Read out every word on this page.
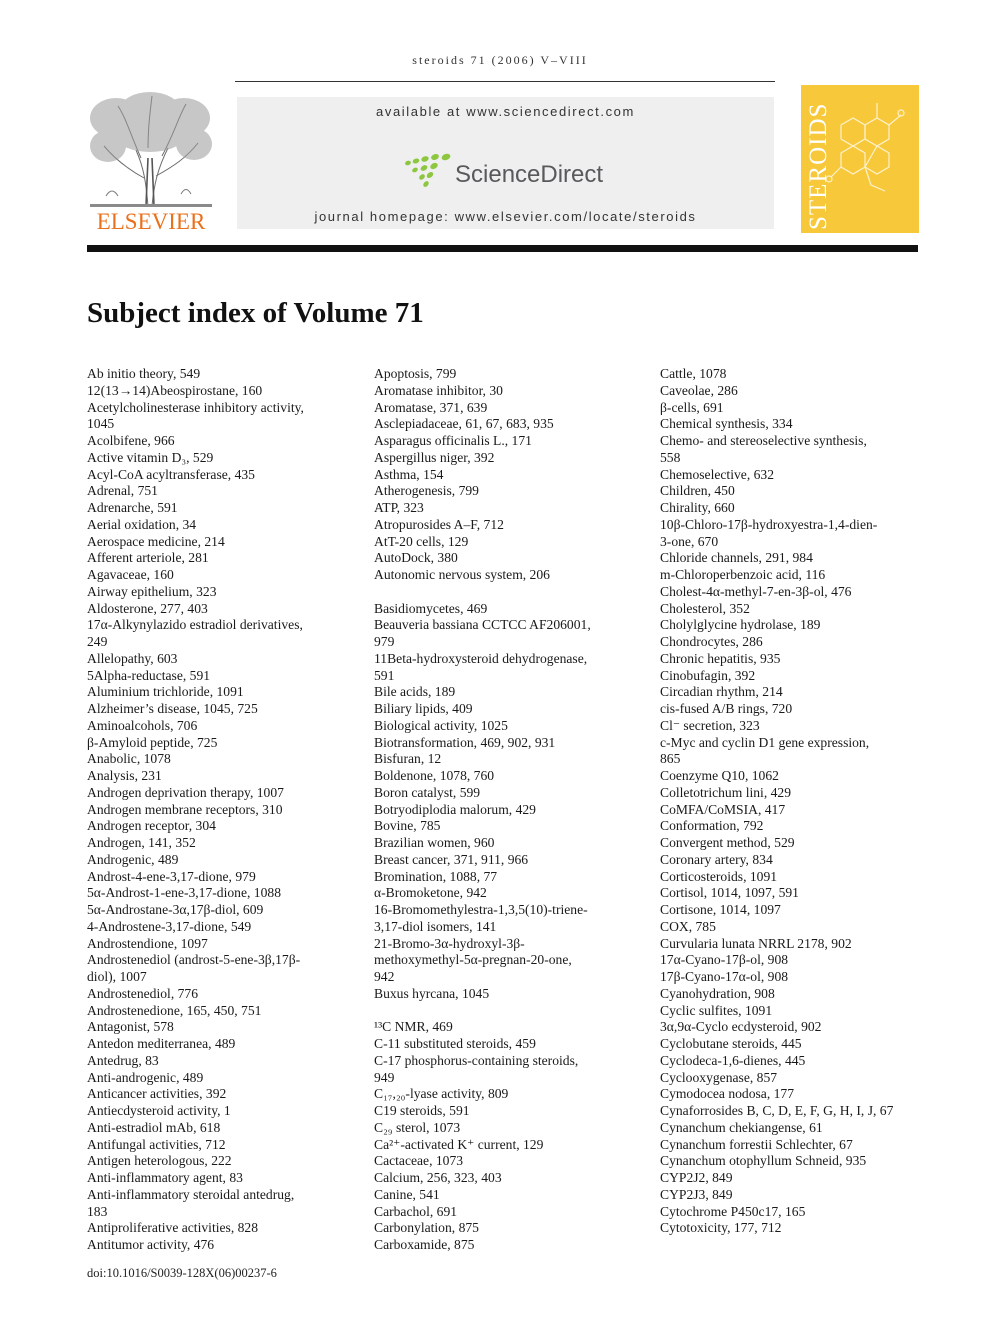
steroids 71 (2006) V–VIII
ELSEVIER
available at www.sciencedirect.com
ScienceDirect
journal homepage: www.elsevier.com/locate/steroids	STEROIDS
Subject index of Volume 71
Ab initio theory, 549
12(13→14)Abeospirostane, 160
Acetylcholinesterase inhibitory activity,
1045
Acolbifene, 966
Active vitamin D₃, 529
Acyl-CoA acyltransferase, 435
Adrenal, 751
Adrenarche, 591
Aerial oxidation, 34
Aerospace medicine, 214
Afferent arteriole, 281
Agavaceae, 160
Airway epithelium, 323
Aldosterone, 277, 403
17α-Alkynylazido estradiol derivatives,
249
Allelopathy, 603
5Alpha-reductase, 591
Aluminium trichloride, 1091
Alzheimer’s disease, 1045, 725
Aminoalcohols, 706
β-Amyloid peptide, 725
Anabolic, 1078
Analysis, 231
Androgen deprivation therapy, 1007
Androgen membrane receptors, 310
Androgen receptor, 304
Androgen, 141, 352
Androgenic, 489
Androst-4-ene-3,17-dione, 979
5α-Androst-1-ene-3,17-dione, 1088
5α-Androstane-3α,17β-diol, 609
4-Androstene-3,17-dione, 549
Androstendione, 1097
Androstenediol (androst-5-ene-3β,17β-
diol), 1007
Androstenediol, 776
Androstenedione, 165, 450, 751
Antagonist, 578
Antedon mediterranea, 489
Antedrug, 83
Anti-androgenic, 489
Anticancer activities, 392
Antiecdysteroid activity, 1
Anti-estradiol mAb, 618
Antifungal activities, 712
Antigen heterologous, 222
Anti-inflammatory agent, 83
Anti-inflammatory steroidal antedrug,
183
Antiproliferative activities, 828
Antitumor activity, 476
Apoptosis, 799
Aromatase inhibitor, 30
Aromatase, 371, 639
Asclepiadaceae, 61, 67, 683, 935
Asparagus officinalis L., 171
Aspergillus niger, 392
Asthma, 154
Atherogenesis, 799
ATP, 323
Atropurosides A–F, 712
AtT-20 cells, 129
AutoDock, 380
Autonomic nervous system, 206
Basidiomycetes, 469
Beauveria bassiana CCTCC AF206001,
979
11Beta-hydroxysteroid dehydrogenase,
591
Bile acids, 189
Biliary lipids, 409
Biological activity, 1025
Biotransformation, 469, 902, 931
Bisfuran, 12
Boldenone, 1078, 760
Boron catalyst, 599
Botryodiplodia malorum, 429
Bovine, 785
Brazilian women, 960
Breast cancer, 371, 911, 966
Bromination, 1088, 77
α-Bromoketone, 942
16-Bromomethylestra-1,3,5(10)-triene-
3,17-diol isomers, 141
21-Bromo-3α-hydroxyl-3β-
methoxymethyl-5α-pregnan-20-one,
942
Buxus hyrcana, 1045
¹³C NMR, 469
C-11 substituted steroids, 459
C-17 phosphorus-containing steroids,
949
C₁₇,₂₀-lyase activity, 809
C19 steroids, 591
C₂₉ sterol, 1073
Ca²⁺-activated K⁺ current, 129
Cactaceae, 1073
Calcium, 256, 323, 403
Canine, 541
Carbachol, 691
Carbonylation, 875
Carboxamide, 875
Cattle, 1078
Caveolae, 286
β-cells, 691
Chemical synthesis, 334
Chemo- and stereoselective synthesis,
558
Chemoselective, 632
Children, 450
Chirality, 660
10β-Chloro-17β-hydroxyestra-1,4-dien-
3-one, 670
Chloride channels, 291, 984
m-Chloroperbenzoic acid, 116
Cholest-4α-methyl-7-en-3β-ol, 476
Cholesterol, 352
Cholylglycine hydrolase, 189
Chondrocytes, 286
Chronic hepatitis, 935
Cinobufagin, 392
Circadian rhythm, 214
cis-fused A/B rings, 720
Cl⁻ secretion, 323
c-Myc and cyclin D1 gene expression,
865
Coenzyme Q10, 1062
Colletotrichum lini, 429
CoMFA/CoMSIA, 417
Conformation, 792
Convergent method, 529
Coronary artery, 834
Corticosteroids, 1091
Cortisol, 1014, 1097, 591
Cortisone, 1014, 1097
COX, 785
Curvularia lunata NRRL 2178, 902
17α-Cyano-17β-ol, 908
17β-Cyano-17α-ol, 908
Cyanohydration, 908
Cyclic sulfites, 1091
3α,9α-Cyclo ecdysteroid, 902
Cyclobutane steroids, 445
Cyclodeca-1,6-dienes, 445
Cyclooxygenase, 857
Cymodocea nodosa, 177
Cynaforrosides B, C, D, E, F, G, H, I, J, 67
Cynanchum chekiangense, 61
Cynanchum forrestii Schlechter, 67
Cynanchum otophyllum Schneid, 935
CYP2J2, 849
CYP2J3, 849
Cytochrome P450c17, 165
Cytotoxicity, 177, 712
doi:10.1016/S0039-128X(06)00237-6
